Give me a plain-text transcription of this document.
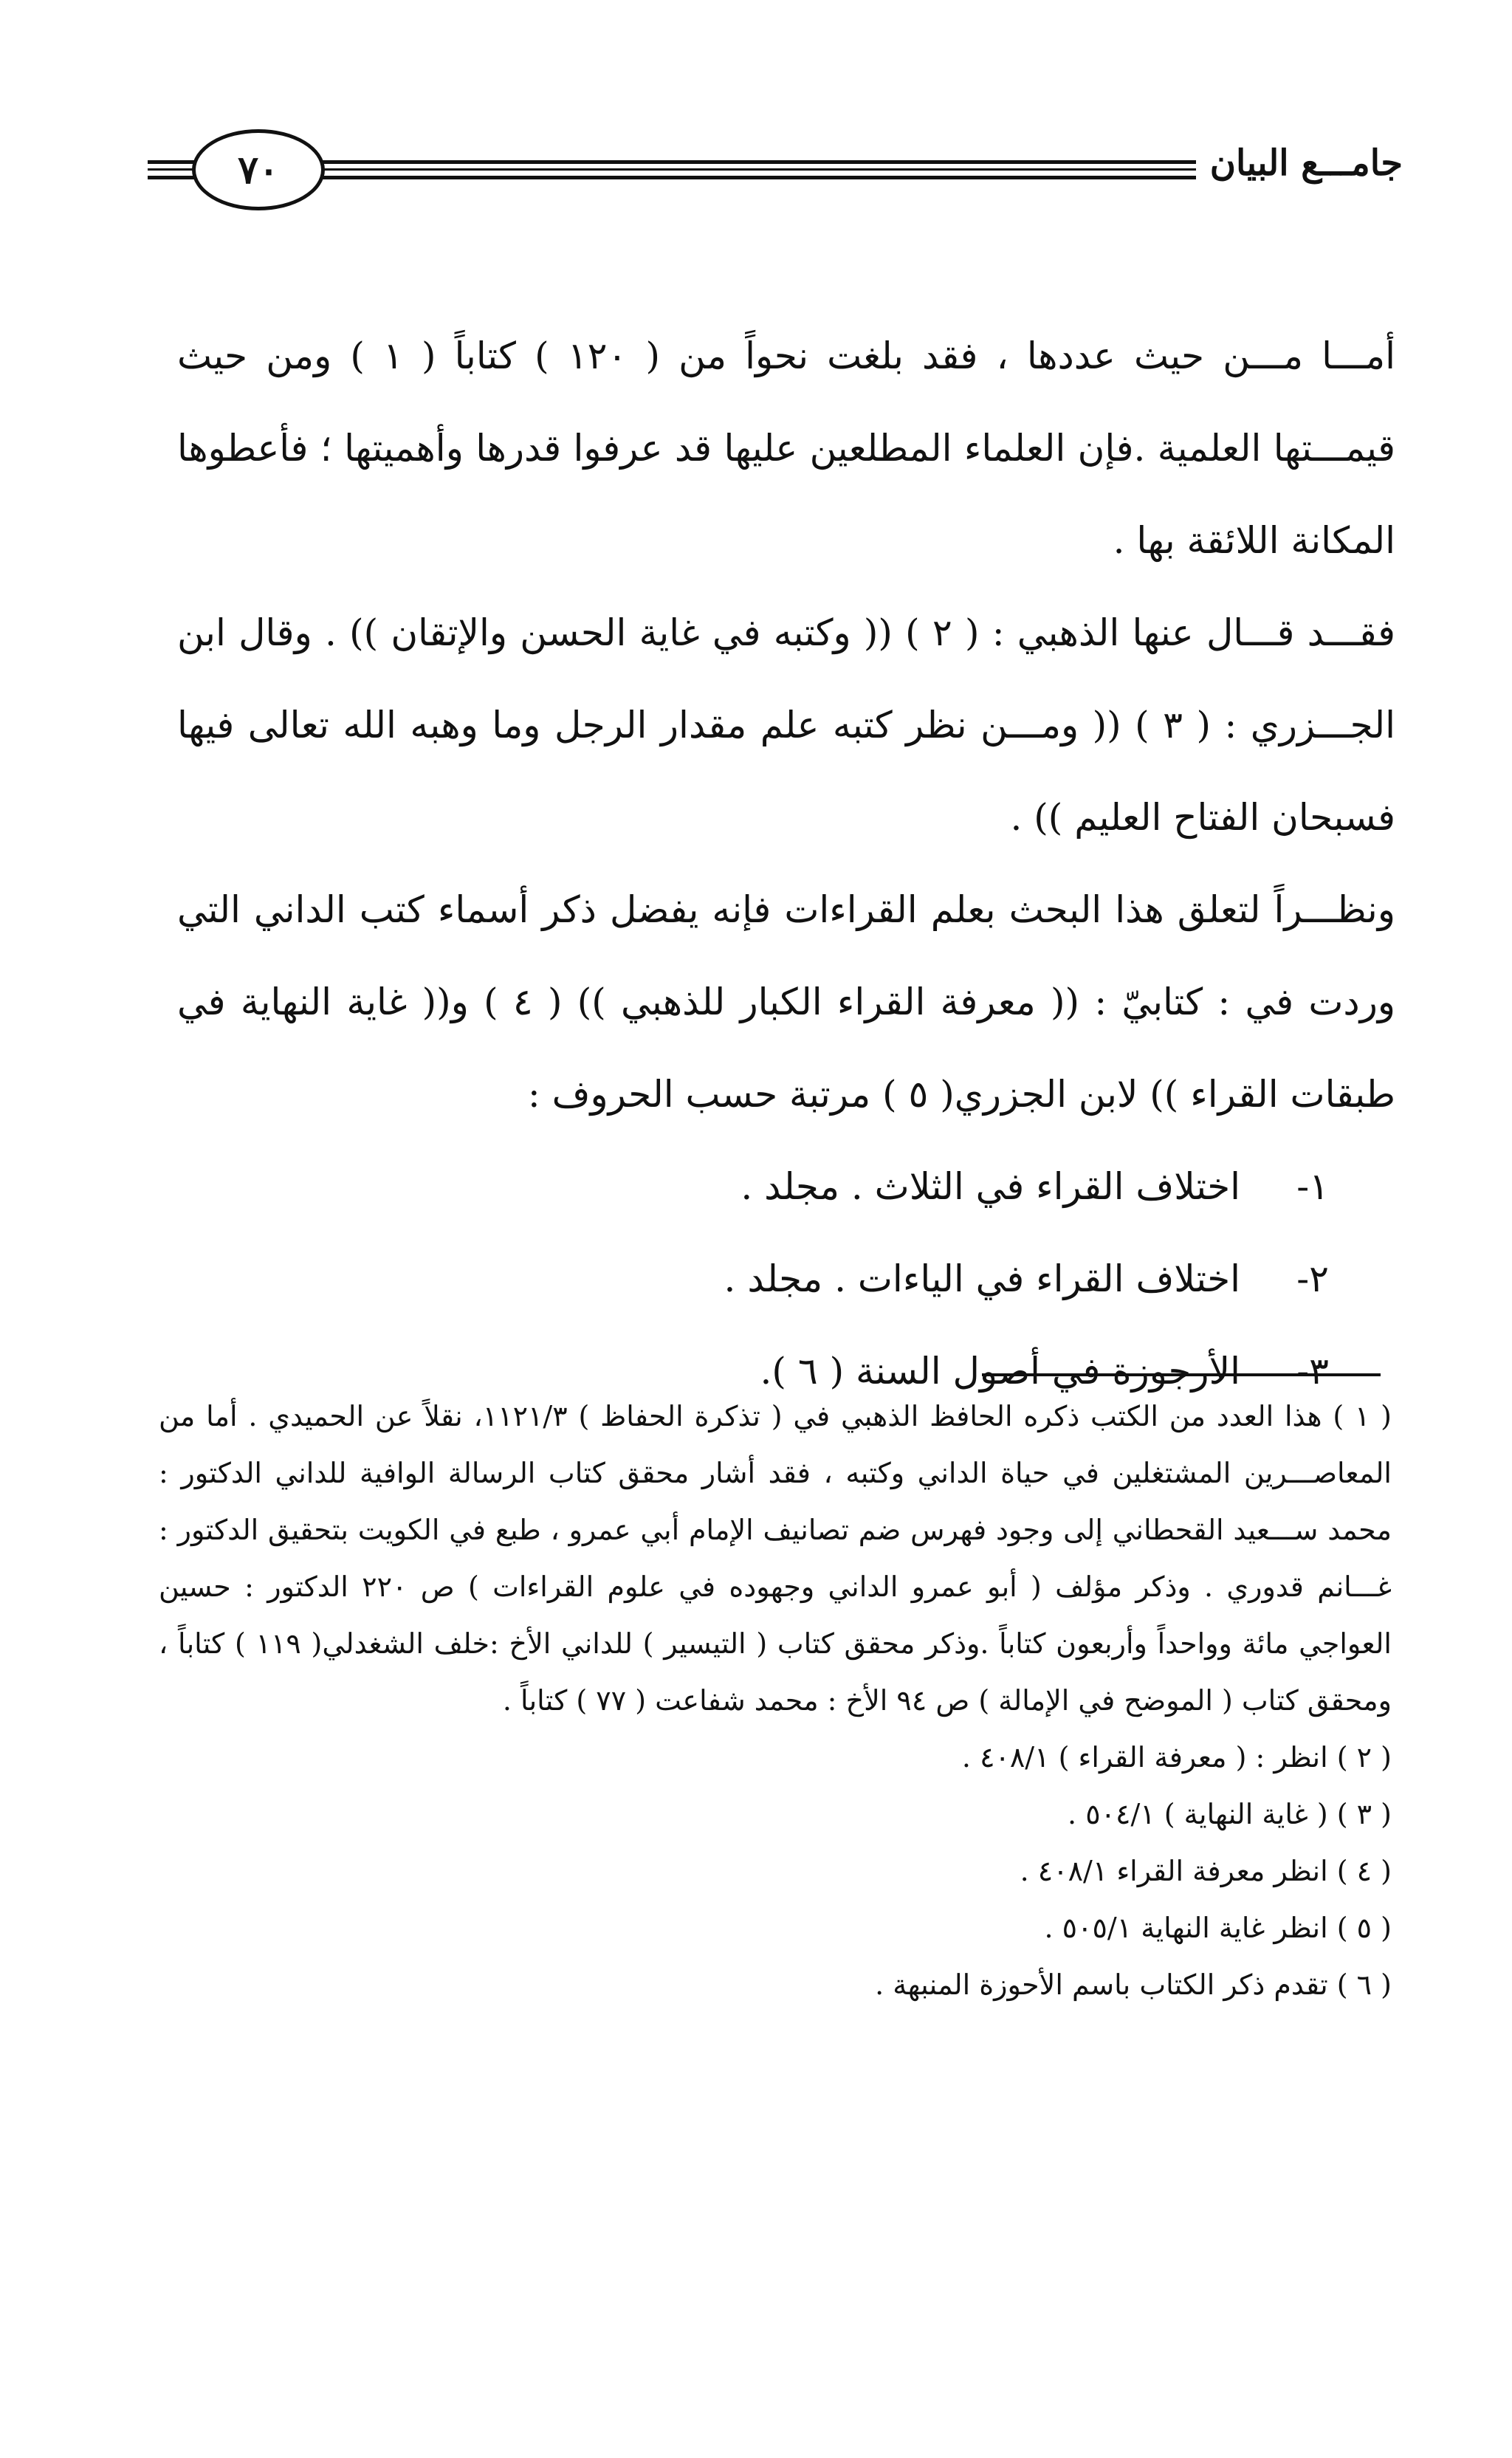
٧٠	جامـــع البيان

أمـــا مـــن حيث عددها ، فقد بلغت نحواً من ( ١٢٠ ) كتاباً ( ١ ) ومن حيث قيمـــتها العلمية .فإن العلماء المطلعين عليها قد عرفوا قدرها وأهميتها ؛ فأعطوها المكانة اللائقة بها .

فقـــد قـــال عنها الذهبي : ( ٢ ) (( وكتبه في غاية الحسن والإتقان )) . وقال ابن الجـــزري : ( ٣ ) (( ومـــن نظر كتبه علم مقدار الرجل وما وهبه الله تعالى فيها فسبحان الفتاح العليم )) .

ونظـــراً لتعلق هذا البحث بعلم القراءات فإنه يفضل ذكر أسماء كتب الداني التي وردت في : كتابيّ : (( معرفة القراء الكبار للذهبي )) ( ٤ ) و(( غاية النهاية في طبقات القراء )) لابن الجزري( ٥ ) مرتبة حسب الحروف :

١-
اختلاف القراء في الثلاث . مجلد .
٢-
اختلاف القراء في الياءات . مجلد .
٣-
الأرجوزة في أصول السنة ( ٦ ).

( ١ ) هذا العدد من الكتب ذكره الحافظ الذهبي في ( تذكرة الحفاظ ) ١١٢١/٣، نقلاً عن الحميدي . أما من المعاصـــرين المشتغلين في حياة الداني وكتبه ، فقد أشار محقق كتاب الرسالة الوافية للداني الدكتور : محمد ســـعيد القحطاني إلى وجود فهرس ضم تصانيف الإمام أبي عمرو ، طبع في الكويت بتحقيق الدكتور : غـــانم قدوري . وذكر مؤلف ( أبو عمرو الداني وجهوده في علوم القراءات ) ص ٢٢٠ الدكتور : حسين العواجي مائة وواحداً وأربعون كتاباً .وذكر محقق كتاب ( التيسير ) للداني الأخ :خلف الشغدلي( ١١٩ ) كتاباً ، ومحقق كتاب ( الموضح في الإمالة ) ص ٩٤ الأخ : محمد شفاعت ( ٧٧ ) كتاباً .

( ٢ ) انظر : ( معرفة القراء ) ٤٠٨/١ .

( ٣ ) ( غاية النهاية ) ٥٠٤/١ .

( ٤ ) انظر معرفة القراء ٤٠٨/١ .

( ٥ ) انظر غاية النهاية ٥٠٥/١ .

( ٦ ) تقدم ذكر الكتاب باسم الأحوزة المنبهة .
